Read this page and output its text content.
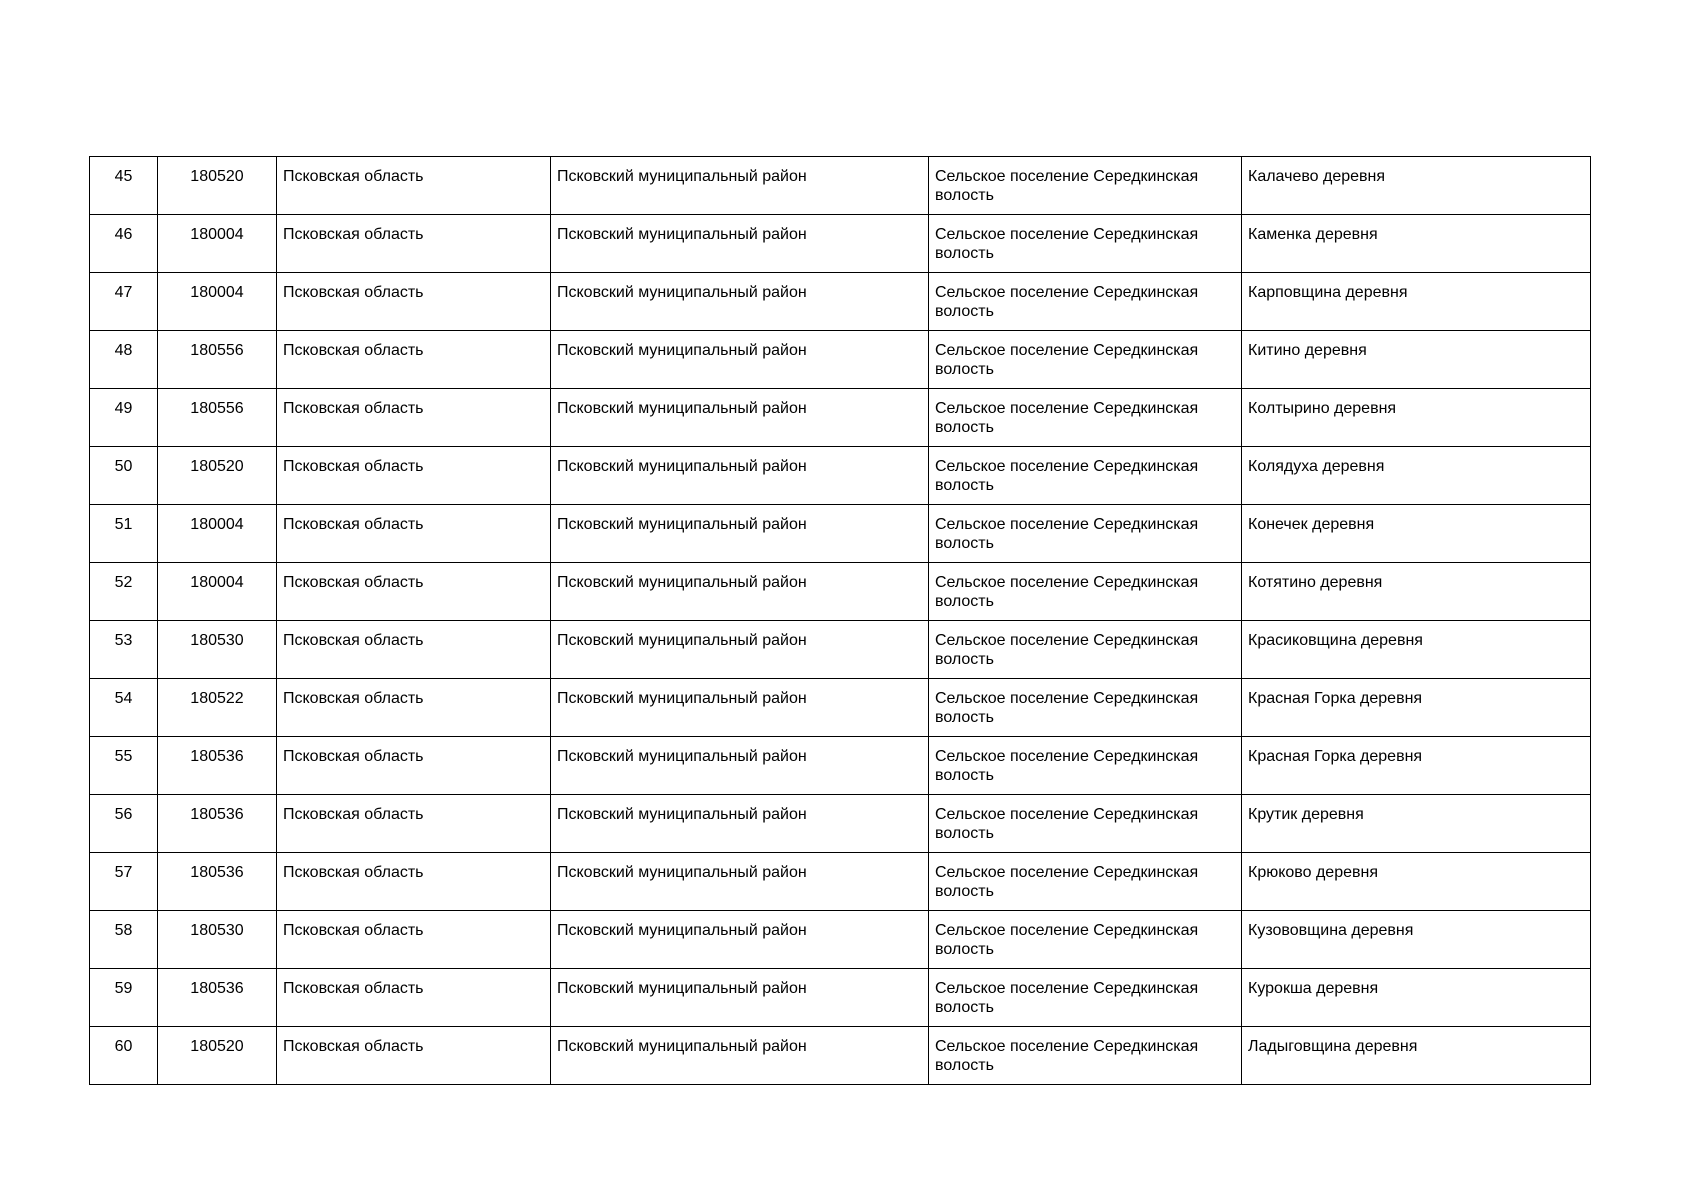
45	180520	Псковская область	Псковский муниципальный район	Сельское поселение Середкинская волость	Калачево деревня
46	180004	Псковская область	Псковский муниципальный район	Сельское поселение Середкинская волость	Каменка деревня
47	180004	Псковская область	Псковский муниципальный район	Сельское поселение Середкинская волость	Карповщина деревня
48	180556	Псковская область	Псковский муниципальный район	Сельское поселение Середкинская волость	Китино деревня
49	180556	Псковская область	Псковский муниципальный район	Сельское поселение Середкинская волость	Колтырино деревня
50	180520	Псковская область	Псковский муниципальный район	Сельское поселение Середкинская волость	Колядуха деревня
51	180004	Псковская область	Псковский муниципальный район	Сельское поселение Середкинская волость	Конечек деревня
52	180004	Псковская область	Псковский муниципальный район	Сельское поселение Середкинская волость	Котятино деревня
53	180530	Псковская область	Псковский муниципальный район	Сельское поселение Середкинская волость	Красиковщина деревня
54	180522	Псковская область	Псковский муниципальный район	Сельское поселение Середкинская волость	Красная Горка деревня
55	180536	Псковская область	Псковский муниципальный район	Сельское поселение Середкинская волость	Красная Горка деревня
56	180536	Псковская область	Псковский муниципальный район	Сельское поселение Середкинская волость	Крутик деревня
57	180536	Псковская область	Псковский муниципальный район	Сельское поселение Середкинская волость	Крюково деревня
58	180530	Псковская область	Псковский муниципальный район	Сельское поселение Середкинская волость	Кузововщина деревня
59	180536	Псковская область	Псковский муниципальный район	Сельское поселение Середкинская волость	Курокша деревня
60	180520	Псковская область	Псковский муниципальный район	Сельское поселение Середкинская волость	Ладыговщина деревня
